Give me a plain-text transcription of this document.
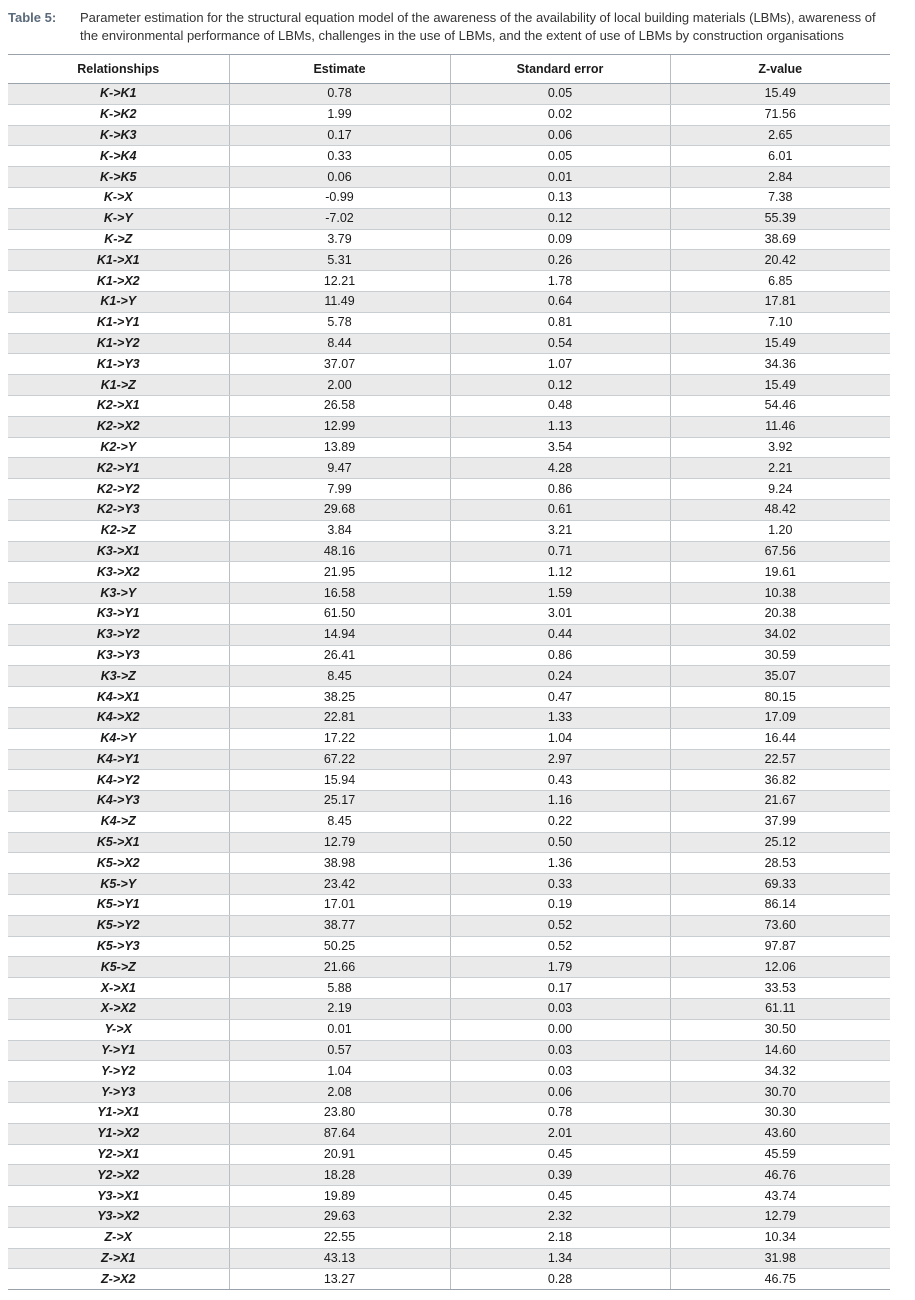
Table 5:	Parameter estimation for the structural equation model of the awareness of the availability of local building materials (LBMs), awareness of the environmental performance of LBMs, challenges in the use of LBMs, and the extent of use of LBMs by construction organisations
Relationships	Estimate	Standard error	Z-value
K->K1	0.78	0.05	15.49
K->K2	1.99	0.02	71.56
K->K3	0.17	0.06	2.65
K->K4	0.33	0.05	6.01
K->K5	0.06	0.01	2.84
K->X	-0.99	0.13	7.38
K->Y	-7.02	0.12	55.39
K->Z	3.79	0.09	38.69
K1->X1	5.31	0.26	20.42
K1->X2	12.21	1.78	6.85
K1->Y	11.49	0.64	17.81
K1->Y1	5.78	0.81	7.10
K1->Y2	8.44	0.54	15.49
K1->Y3	37.07	1.07	34.36
K1->Z	2.00	0.12	15.49
K2->X1	26.58	0.48	54.46
K2->X2	12.99	1.13	11.46
K2->Y	13.89	3.54	3.92
K2->Y1	9.47	4.28	2.21
K2->Y2	7.99	0.86	9.24
K2->Y3	29.68	0.61	48.42
K2->Z	3.84	3.21	1.20
K3->X1	48.16	0.71	67.56
K3->X2	21.95	1.12	19.61
K3->Y	16.58	1.59	10.38
K3->Y1	61.50	3.01	20.38
K3->Y2	14.94	0.44	34.02
K3->Y3	26.41	0.86	30.59
K3->Z	8.45	0.24	35.07
K4->X1	38.25	0.47	80.15
K4->X2	22.81	1.33	17.09
K4->Y	17.22	1.04	16.44
K4->Y1	67.22	2.97	22.57
K4->Y2	15.94	0.43	36.82
K4->Y3	25.17	1.16	21.67
K4->Z	8.45	0.22	37.99
K5->X1	12.79	0.50	25.12
K5->X2	38.98	1.36	28.53
K5->Y	23.42	0.33	69.33
K5->Y1	17.01	0.19	86.14
K5->Y2	38.77	0.52	73.60
K5->Y3	50.25	0.52	97.87
K5->Z	21.66	1.79	12.06
X->X1	5.88	0.17	33.53
X->X2	2.19	0.03	61.11
Y->X	0.01	0.00	30.50
Y->Y1	0.57	0.03	14.60
Y->Y2	1.04	0.03	34.32
Y->Y3	2.08	0.06	30.70
Y1->X1	23.80	0.78	30.30
Y1->X2	87.64	2.01	43.60
Y2->X1	20.91	0.45	45.59
Y2->X2	18.28	0.39	46.76
Y3->X1	19.89	0.45	43.74
Y3->X2	29.63	2.32	12.79
Z->X	22.55	2.18	10.34
Z->X1	43.13	1.34	31.98
Z->X2	13.27	0.28	46.75
